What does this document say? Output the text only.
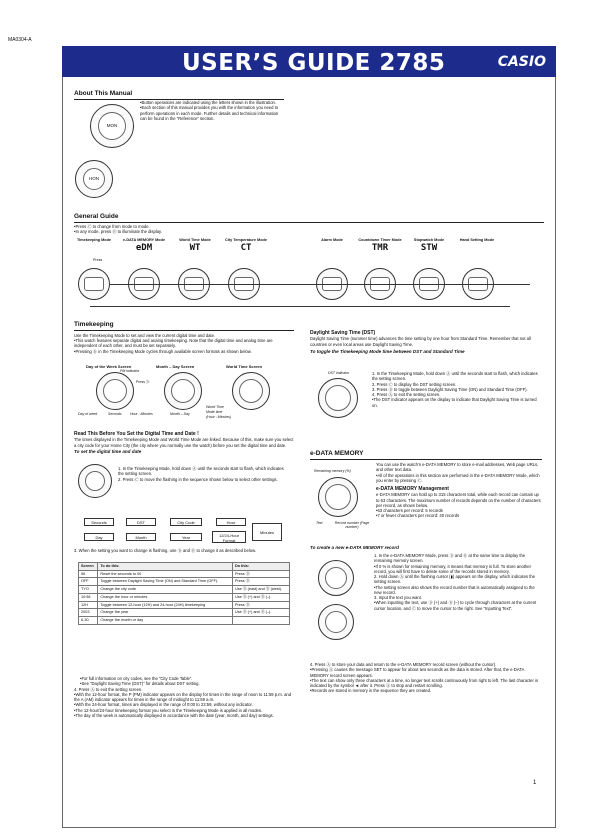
MA0304-A
USER’S GUIDE 2785	CASIO
About This Manual
MON
HON
• Button operations are indicated using the letters shown in the illustration.
• Each section of this manual provides you with the information you need to perform operations in each mode. Further details and technical information can be found in the “Reference” section.
General Guide
• Press Ⓒ to change from mode to mode.
• In any mode, press Ⓑ to illuminate the display.
Press
Timekeeping Mode	e-DATA MEMORY Mode
eDM
World Time Mode
WT
City Temperature Mode
CT
Alarm Mode	Countdown Timer Mode
TMR
Stopwatch Mode
STW
Hand Setting Mode
Timekeeping

Use the Timekeeping Mode to set and view the current digital time and date.

• This watch features separate digital and analog timekeeping. Note that the digital time and analog time are independent of each other, and must be set separately.
• Pressing Ⓓ in the Timekeeping Mode cycles through available screen formats as shown below.
Day of the Week Screen	Month – Day Screen	World Time Screen
PM indicator
Press Ⓓ
Day of week	Seconds Hour : Minutes	Month – Day
World Time
Mode time
(Hour : Minutes)
Read This Before You Set the Digital Time and Date !

The times displayed in the Timekeeping Mode and World Time Mode are linked. Because of this, make sure you select a city code for your Home City (the city where you normally use the watch) before you set the digital time and date.

To set the digital time and date

1. In the Timekeeping Mode, hold down Ⓐ until the seconds start to flash, which indicates the setting screen.

2. Press Ⓒ to move the flashing in the sequence shown below to select other settings.

Seconds	DST	City Code	Hour
Minutes
Day	Month	Year	12/24-Hour Format

3. When the setting you want to change is flashing, use Ⓓ and Ⓑ to change it as described below.

Screen	To do this:	Do this:
56	Reset the seconds to 00	Press Ⓓ.
OFF	Toggle between Daylight Saving Time (ON) and Standard Time (OFF).	Press Ⓓ.
TYO	Change the city code	Use Ⓓ (east) and Ⓑ (west).
10:58	Change the hour or minutes	Use Ⓓ (+) and Ⓑ (–).
12H	Toggle between 12-hour (12H) and 24-hour (24H) timekeeping	Press Ⓓ.
2003	Change the year	Use Ⓓ (+) and Ⓑ (–).
6-30	Change the month or day	
• For full information on city codes, see the “City Code Table”.
• See “Daylight Saving Time (DST)” for details about DST setting.

4. Press Ⓐ to exit the setting screen.

• With the 12-hour format, the P (PM) indicator appears on the display for times in the range of noon to 11:59 p.m. and the A (AM) indicator appears for times in the range of midnight to 11:59 a.m.
• With the 24-hour format, times are displayed in the range of 0:00 to 23:59, without any indicator.
• The 12-hour/24-hour timekeeping format you select in the Timekeeping Mode is applied in all modes.
• The day of the week is automatically displayed in accordance with the date (year, month, and day) settings.
Daylight Saving Time (DST)

Daylight Saving Time (summer time) advances the time setting by one hour from Standard Time. Remember that not all countries or even local areas use Daylight Saving Time.

To toggle the Timekeeping Mode time between DST and Standard Time
DST indicator	1. In the Timekeeping Mode, hold down Ⓐ until the seconds start to flash, which indicates the setting screen.

2. Press Ⓒ to display the DST setting screen.

3. Press Ⓓ to toggle between Daylight Saving Time (ON) and Standard Time (OFF).

4. Press Ⓐ to exit the setting screen.

• The DST indicator appears on the display to indicate that Daylight Saving Time is turned on.
e-DATA MEMORY
Remaining memory (%)
Text	Record number (Page number)

You can use the watch’s e-DATA MEMORY to store e-mail addresses, Web page URLs, and other text data.

• All of the operations in this section are performed in the e-DATA MEMORY Mode, which you enter by pressing Ⓒ.
e-DATA MEMORY Management

e-DATA MEMORY can hold up to 315 characters total, while each record can contain up to 63 characters. The maximum number of records depends on the number of characters per record, as shown below.

• 63 characters per record: 5 records
• 7 or fewer characters per record: 40 records
To create a new e-DATA MEMORY record

1. In the e-DATA MEMORY Mode, press Ⓓ and Ⓑ at the same time to display the remaining memory screen.

• If 0 % is shown for remaining memory, it means that memory is full. To store another record, you will first have to delete some of the records stored in memory.

2. Hold down Ⓐ until the flashing cursor (▮) appears on the display, which indicates the setting screen.

• The setting screen also shows the record number that is automatically assigned to the new record.

3. Input the text you want.

• When inputting the text, use Ⓓ (+) and Ⓑ (–) to cycle through characters at the current cursor location, and Ⓒ to move the cursor to the right. See “Inputting Text”.

4. Press Ⓐ to store your data and return to the e-DATA MEMORY record screen (without the cursor).

• Pressing Ⓐ causes the message SET to appear for about two seconds as the data is stored. After that, the e-DATA MEMORY record screen appears.
• The text can show only three characters at a time, so longer text scrolls continuously from right to left. The last character is indicated by the symbol ◄ after it. Press Ⓐ to stop and restart scrolling.
• Records are stored in memory in the sequence they are created.
1
